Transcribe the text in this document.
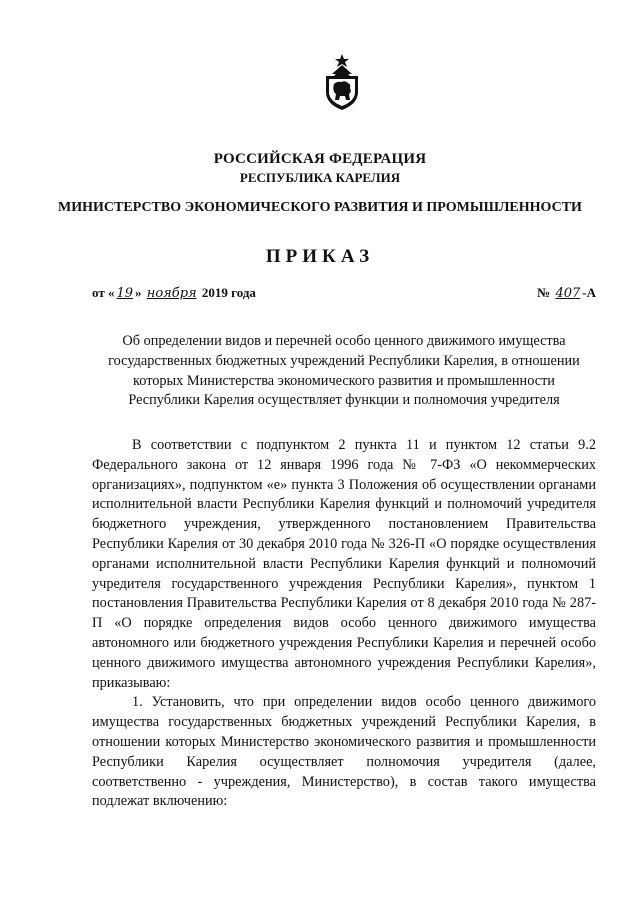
РОССИЙСКАЯ ФЕДЕРАЦИЯ
РЕСПУБЛИКА КАРЕЛИЯ
МИНИСТЕРСТВО ЭКОНОМИЧЕСКОГО РАЗВИТИЯ И ПРОМЫШЛЕННОСТИ
ПРИКАЗ
от « 19 » ноября 2019 года	№ 407 -А
Об определении видов и перечней особо ценного движимого имущества государственных бюджетных учреждений Республики Карелия, в отношении которых Министерства экономического развития и промышленности Республики Карелия осуществляет функции и полномочия учредителя

В соответствии с подпунктом 2 пункта 11 и пунктом 12 статьи 9.2 Федерального закона от 12 января 1996 года № 7-ФЗ «О некоммерческих организациях», подпунктом «е» пункта 3 Положения об осуществлении органами исполнительной власти Республики Карелия функций и полномочий учредителя бюджетного учреждения, утвержденного постановлением Правительства Республики Карелия от 30 декабря 2010 года № 326-П «О порядке осуществления органами исполнительной власти Республики Карелия функций и полномочий учредителя государственного учреждения Республики Карелия», пунктом 1 постановления Правительства Республики Карелия от 8 декабря 2010 года № 287-П «О порядке определения видов особо ценного движимого имущества автономного или бюджетного учреждения Республики Карелия и перечней особо ценного движимого имущества автономного учреждения Республики Карелия», приказываю:

1. Установить, что при определении видов особо ценного движимого имущества государственных бюджетных учреждений Республики Карелия, в отношении которых Министерство экономического развития и промышленности Республики Карелия осуществляет полномочия учредителя (далее, соответственно - учреждения, Министерство), в состав такого имущества подлежат включению:
